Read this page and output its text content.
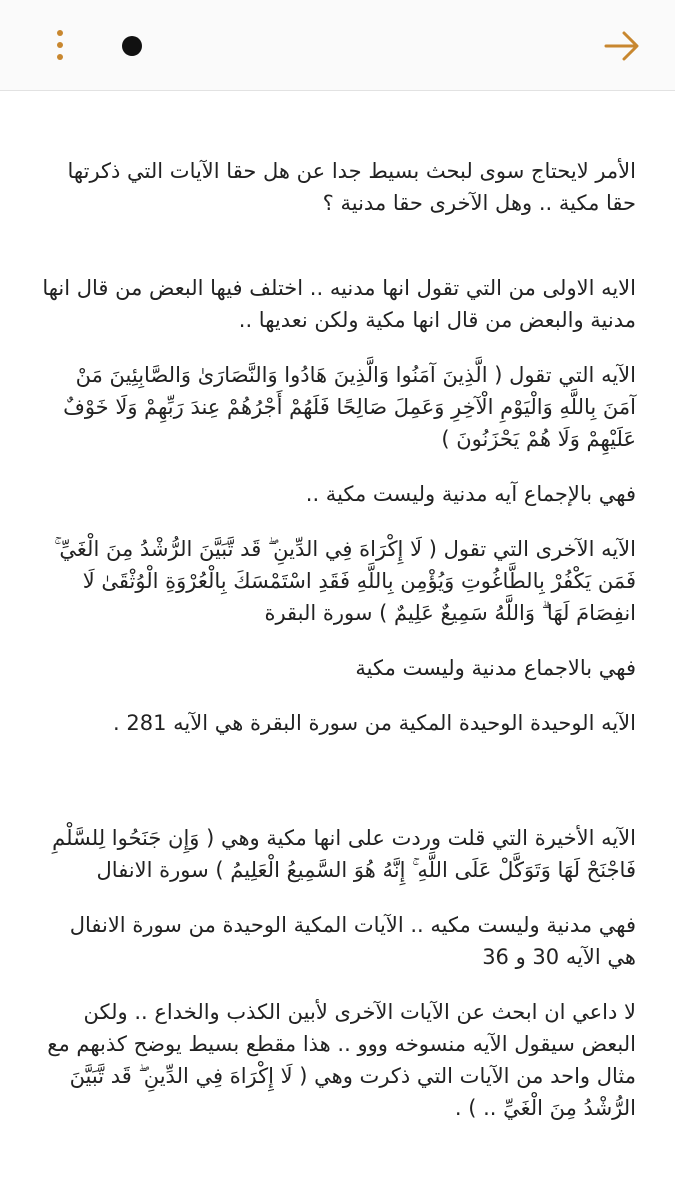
الأمر لايحتاج سوى لبحث بسيط جدا عن هل حقا الآيات التي ذكرتها حقا مكية .. وهل الآخرى حقا مدنية ؟

الايه الاولى من التي تقول انها مدنيه .. اختلف فيها البعض من قال انها مدنية والبعض من قال انها مكية ولكن نعديها ..

الآيه التي تقول ( الَّذِينَ آمَنُوا وَالَّذِينَ هَادُوا وَالنَّصَارَىٰ وَالصَّابِئِينَ مَنْ آمَنَ بِاللَّهِ وَالْيَوْمِ الْآخِرِ وَعَمِلَ صَالِحًا فَلَهُمْ أَجْرُهُمْ عِندَ رَبِّهِمْ وَلَا خَوْفٌ عَلَيْهِمْ وَلَا هُمْ يَحْزَنُونَ )

فهي بالإجماع آيه مدنية وليست مكية ..

الآيه الآخرى التي تقول ( لَا إِكْرَاهَ فِي الدِّينِ ۖ قَد تَّبَيَّنَ الرُّشْدُ مِنَ الْغَيِّ ۚ فَمَن يَكْفُرْ بِالطَّاغُوتِ وَيُؤْمِن بِاللَّهِ فَقَدِ اسْتَمْسَكَ بِالْعُرْوَةِ الْوُثْقَىٰ لَا انفِصَامَ لَهَا ۗ وَاللَّهُ سَمِيعٌ عَلِيمٌ ) سورة البقرة

فهي بالاجماع مدنية وليست مكية

الآيه الوحيدة الوحيدة المكية من سورة البقرة هي الآيه 281 .

الآيه الأخيرة التي قلت وردت على انها مكية وهي ( وَإِن جَنَحُوا لِلسَّلْمِ فَاجْنَحْ لَهَا وَتَوَكَّلْ عَلَى اللَّهِ ۚ إِنَّهُ هُوَ السَّمِيعُ الْعَلِيمُ ) سورة الانفال

فهي مدنية وليست مكيه .. الآيات المكية الوحيدة من سورة الانفال هي الآيه 30 و 36

لا داعي ان ابحث عن الآيات الآخرى لأبين الكذب والخداع .. ولكن البعض سيقول الآيه منسوخه ووو .. هذا مقطع بسيط يوضح كذبهم مع مثال واحد من الآيات التي ذكرت وهي ( لَا إِكْرَاهَ فِي الدِّينِ ۖ قَد تَّبَيَّنَ الرُّشْدُ مِنَ الْغَيِّ .. ) .
